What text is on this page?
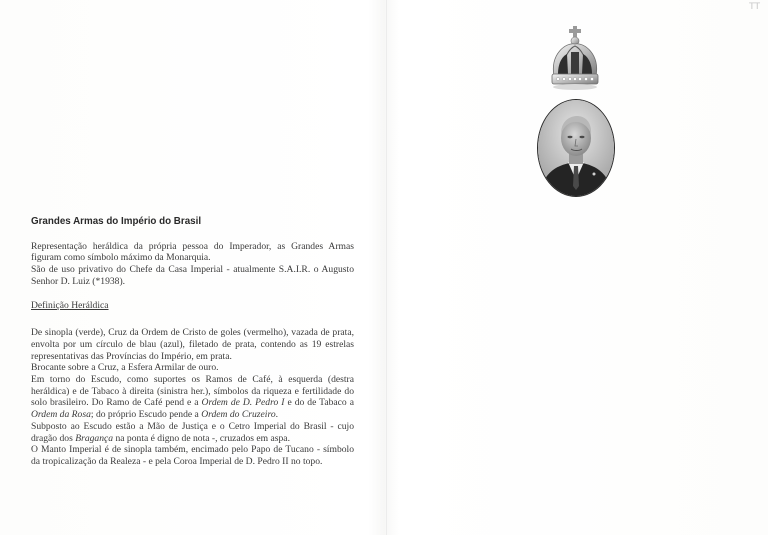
TT
Grandes Armas do Império do Brasil

Representação heráldica da própria pessoa do Imperador, as Grandes Armas figuram como símbolo máximo da Monarquia.

São de uso privativo do Chefe da Casa Imperial - atualmente S.A.I.R. o Augusto Senhor D. Luiz (*1938).

Definição Heráldica

De sinopla (verde), Cruz da Ordem de Cristo de goles (vermelho), vazada de prata, envolta por um círculo de blau (azul), filetado de prata, contendo as 19 estrelas representativas das Províncias do Império, em prata.

Brocante sobre a Cruz, a Esfera Armilar de ouro.

Em torno do Escudo, como suportes os Ramos de Café, à esquerda (destra heráldica) e de Tabaco à direita (sinistra her.), símbolos da riqueza e fertilidade do solo brasileiro. Do Ramo de Café pend e a Ordem de D. Pedro I e do de Tabaco a Ordem da Rosa; do próprio Escudo pende a Ordem do Cruzeiro.

Subposto ao Escudo estão a Mão de Justiça e o Cetro Imperial do Brasil - cujo dragão dos Bragança na ponta é digno de nota -, cruzados em aspa.

O Manto Imperial é de sinopla também, encimado pelo Papo de Tucano - símbolo da tropicalização da Realeza - e pela Coroa Imperial de D. Pedro II no topo.
